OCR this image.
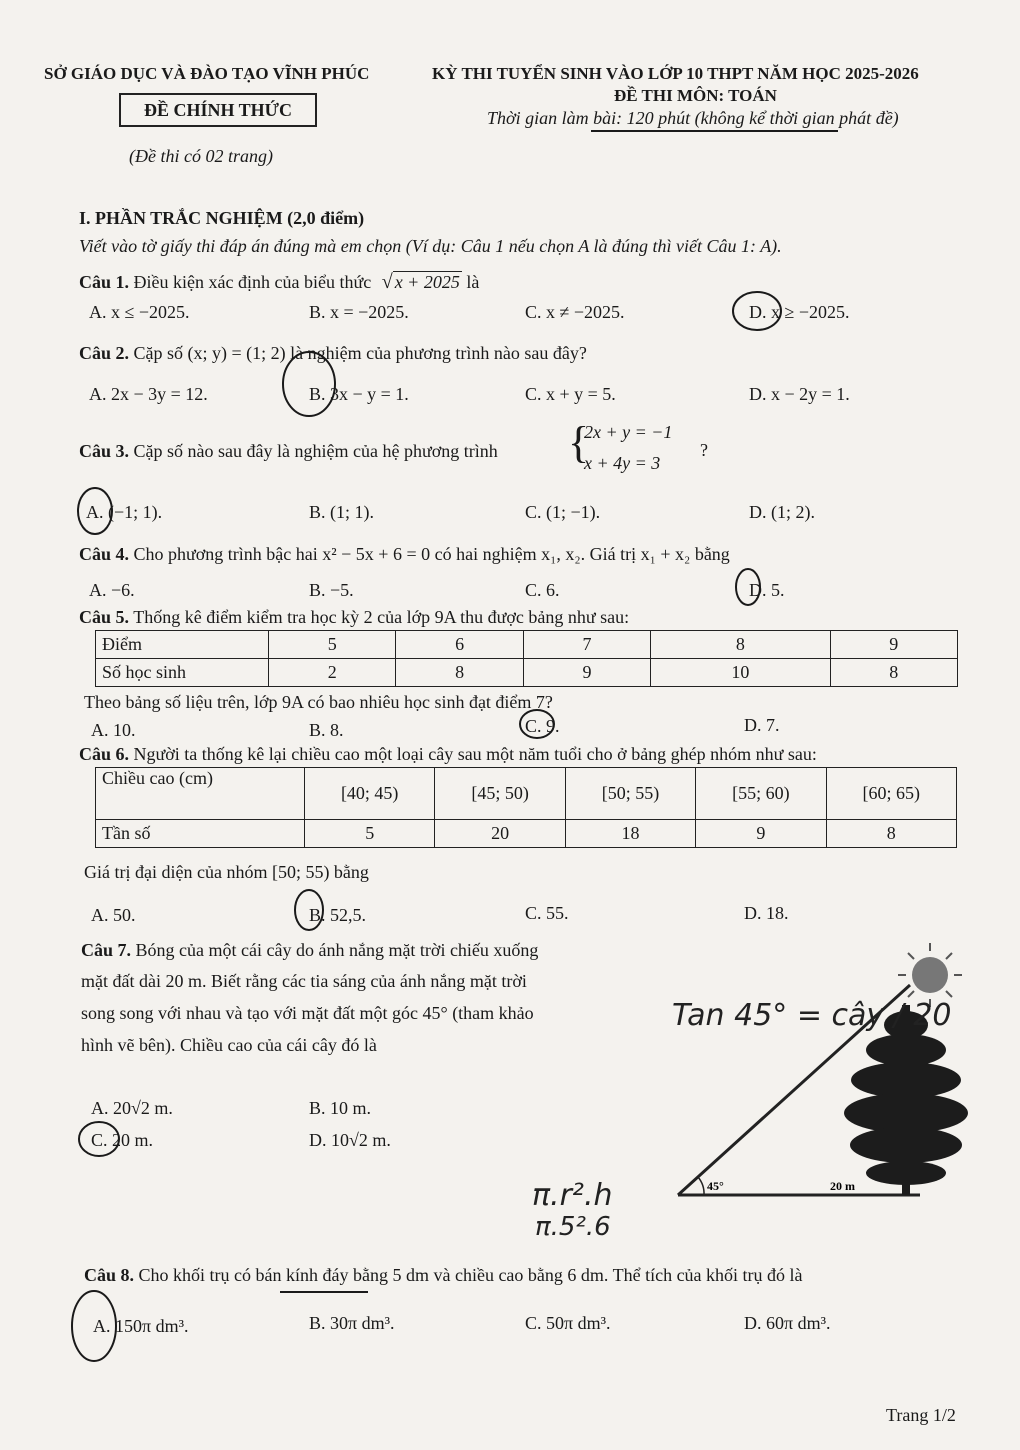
SỞ GIÁO DỤC VÀ ĐÀO TẠO VĨNH PHÚC	KỲ THI TUYỂN SINH VÀO LỚP 10 THPT NĂM HỌC 2025-2026
ĐỀ THI MÔN: TOÁN
ĐỀ CHÍNH THỨC	Thời gian làm bài: 120 phút (không kể thời gian phát đề)
(Đề thi có 02 trang)
I. PHẦN TRẮC NGHIỆM (2,0 điểm)
Viết vào tờ giấy thi đáp án đúng mà em chọn (Ví dụ: Câu 1 nếu chọn A là đúng thì viết Câu 1: A).
Câu 1. Điều kiện xác định của biểu thức √ x + 2025 là
A. x ≤ −2025.	B. x = −2025.	C. x ≠ −2025.	D. x ≥ −2025.
Câu 2. Cặp số (x; y) = (1; 2) là nghiệm của phương trình nào sau đây?
A. 2x − 3y = 12.	B. 3x − y = 1.	C. x + y = 5.	D. x − 2y = 1.
Câu 3. Cặp số nào sau đây là nghiệm của hệ phương trình {
2x + y = −1
x + 4y = 3
?
A. (−1; 1).	B. (1; 1).	C. (1; −1).	D. (1; 2).
Câu 4. Cho phương trình bậc hai x² − 5x + 6 = 0 có hai nghiệm x₁, x₂. Giá trị x₁ + x₂ bằng
A. −6.	B. −5.	C. 6.	D. 5.
Câu 5. Thống kê điểm kiểm tra học kỳ 2 của lớp 9A thu được bảng như sau:
Điểm	5	6	7	8	9
Số học sinh	2	8	9	10	8
Theo bảng số liệu trên, lớp 9A có bao nhiêu học sinh đạt điểm 7?
A. 10.	B. 8.	C. 9.	D. 7.
Câu 6. Người ta thống kê lại chiều cao một loại cây sau một năm tuổi cho ở bảng ghép nhóm như sau:
Chiều cao (cm)	[40; 45)	[45; 50)	[50; 55)	[55; 60)	[60; 65)
Tần số	5	20	18	9	8
Giá trị đại diện của nhóm [50; 55) bằng
A. 50.	B. 52,5.	C. 55.	D. 18.
Câu 7. Bóng của một cái cây do ánh nắng mặt trời chiếu xuống
mặt đất dài 20 m. Biết rằng các tia sáng của ánh nắng mặt trời
song song với nhau và tạo với mặt đất một góc 45° (tham khảo
hình vẽ bên). Chiều cao của cái cây đó là
A. 20√2 m.	B. 10 m.
C. 20 m.	D. 10√2 m.
45°	20 m
Tan 45° = cây / 20
π.r².h
π.5².6
Câu 8. Cho khối trụ có bán kính đáy bằng 5 dm và chiều cao bằng 6 dm. Thể tích của khối trụ đó là
A. 150π dm³.	B. 30π dm³.	C. 50π dm³.	D. 60π dm³.
Trang 1/2
